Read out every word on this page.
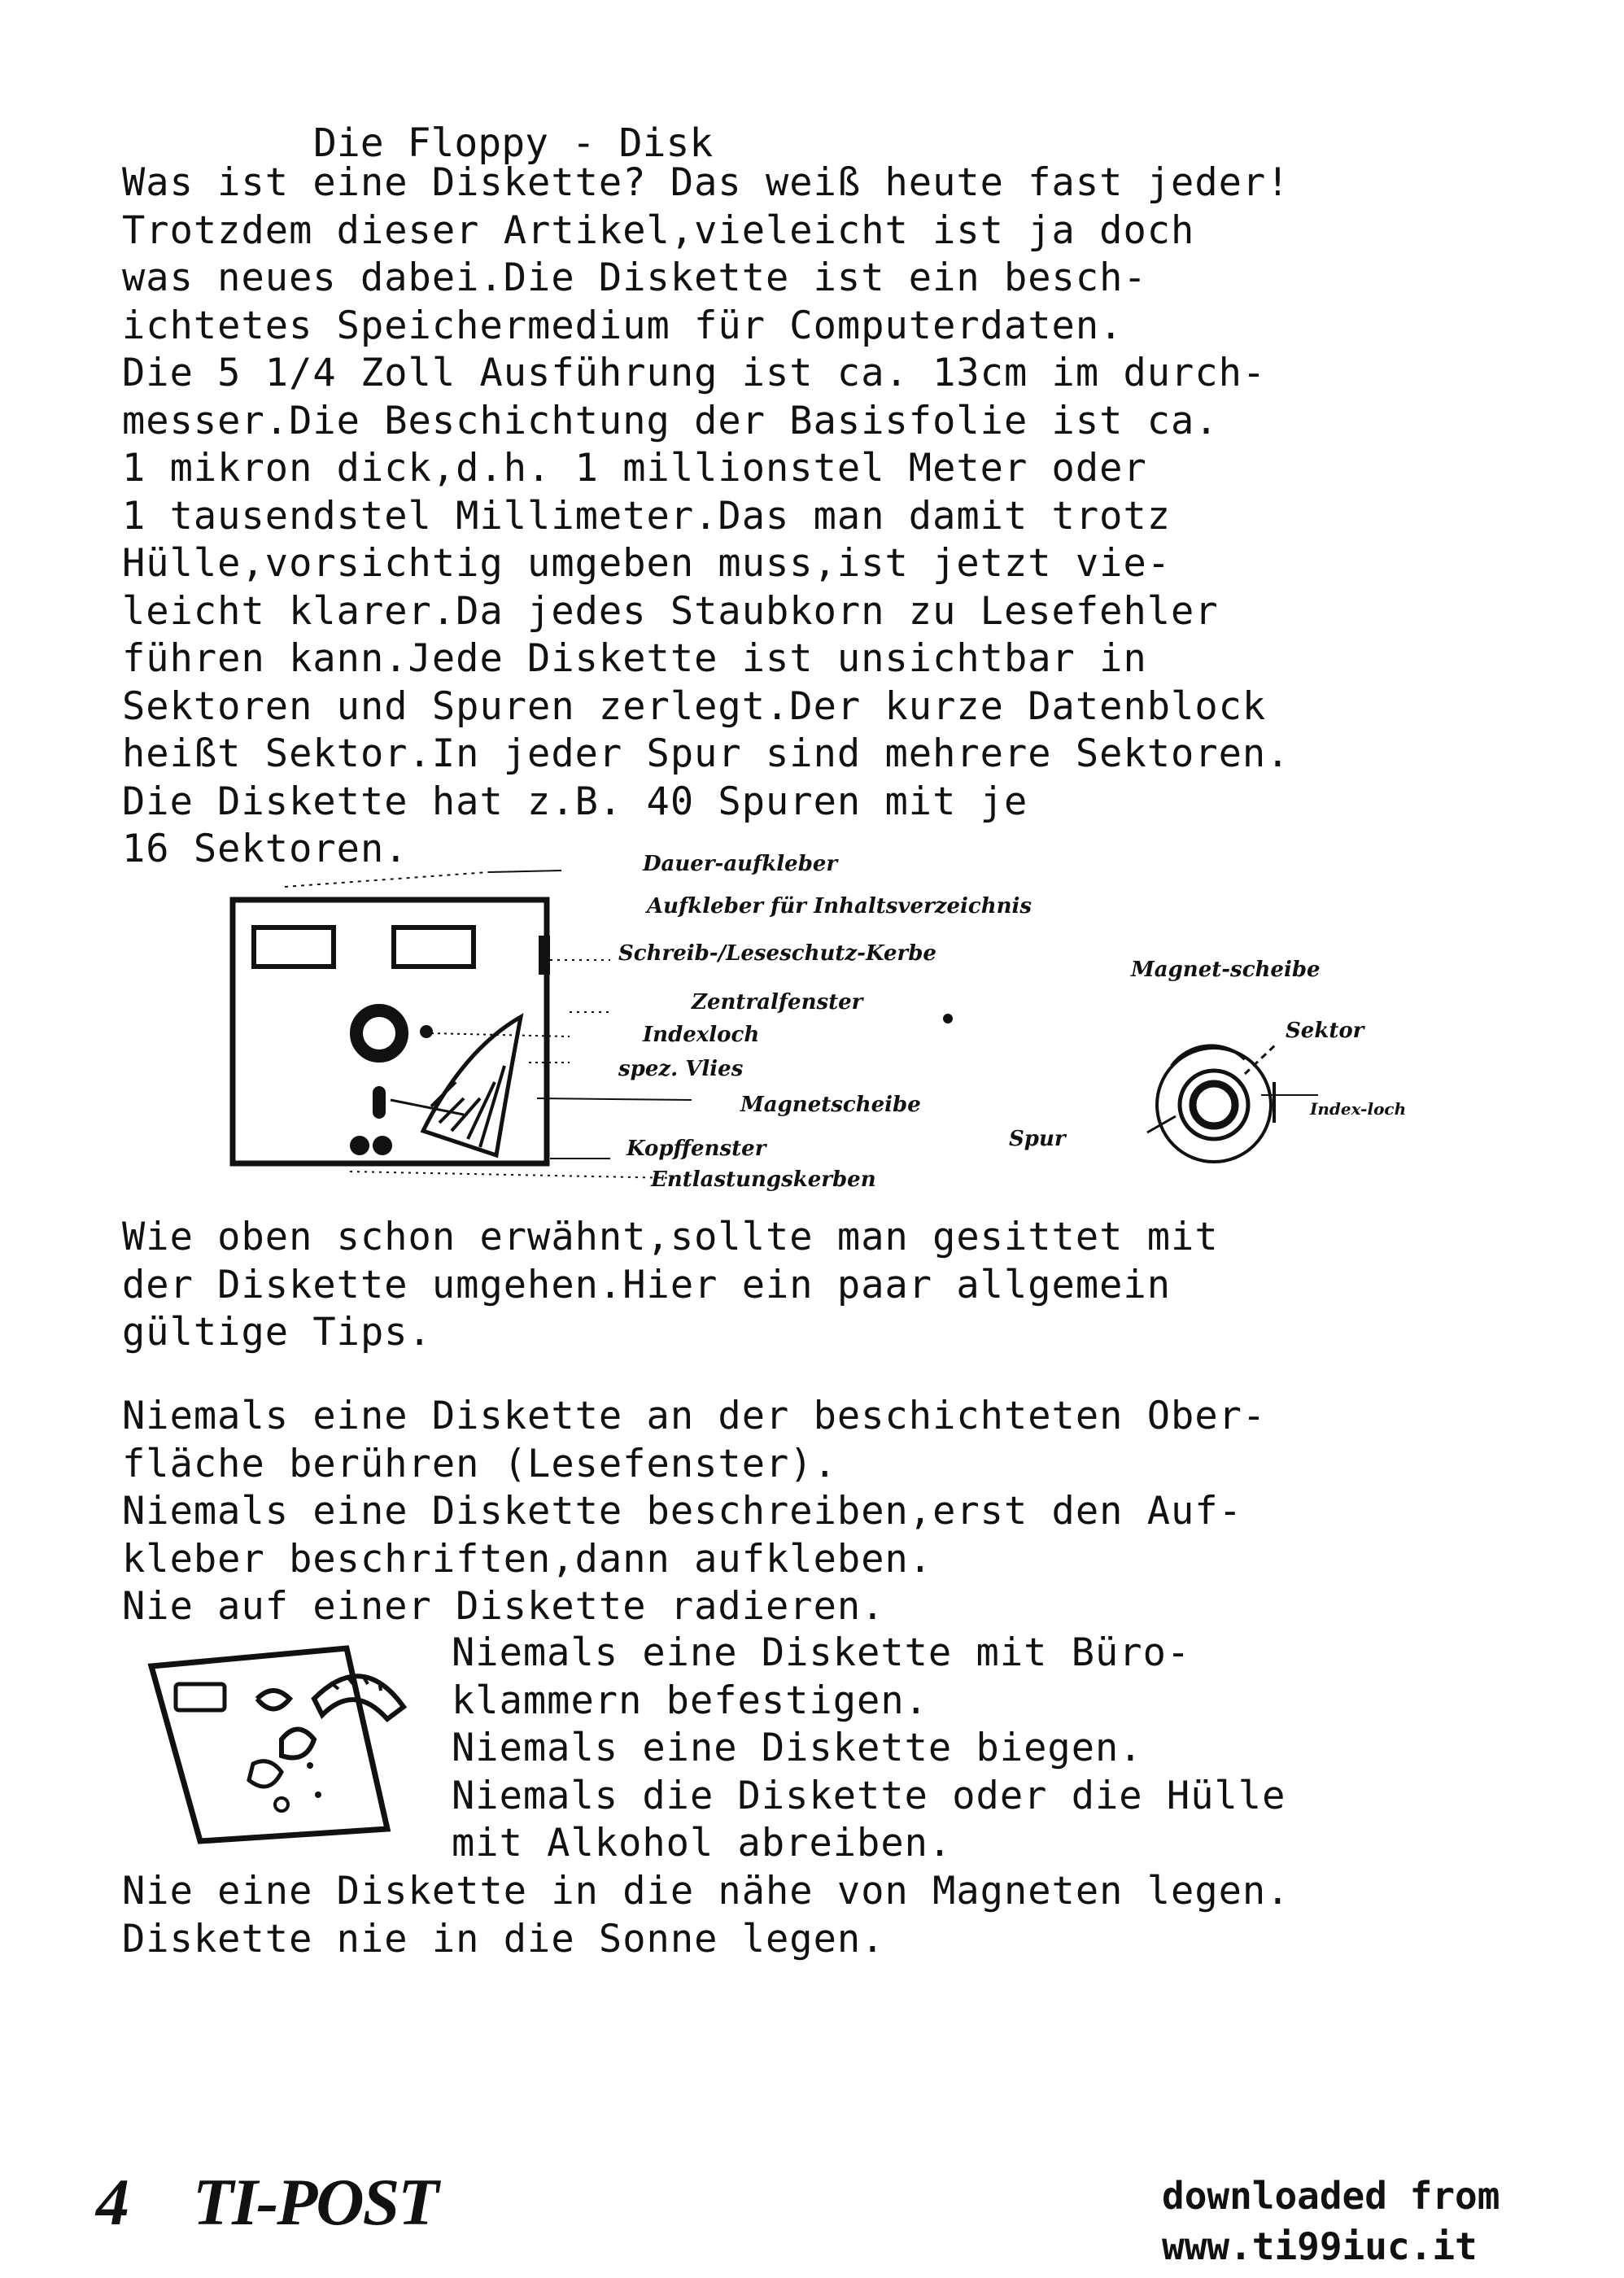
Die Floppy - Disk
Was ist eine Diskette? Das weiß heute fast jeder!
Trotzdem dieser Artikel,vieleicht ist ja doch
was neues dabei.Die Diskette ist ein besch-
ichtetes Speichermedium für Computerdaten.
Die 5 1/4 Zoll Ausführung ist ca. 13cm im durch-
messer.Die Beschichtung der Basisfolie ist ca.
1 mikron dick,d.h. 1 millionstel Meter oder
1 tausendstel Millimeter.Das man damit trotz
Hülle,vorsichtig umgeben muss,ist jetzt vie-
leicht klarer.Da jedes Staubkorn zu Lesefehler
führen kann.Jede Diskette ist unsichtbar in
Sektoren und Spuren zerlegt.Der kurze Datenblock
heißt Sektor.In jeder Spur sind mehrere Sektoren.
Die Diskette hat z.B. 40 Spuren mit je
16 Sektoren.	Dauer-aufkleber
Aufkleber für Inhaltsverzeichnis
Schreib-/Leseschutz-Kerbe
Zentralfenster
Indexloch
spez. Vlies
Magnetscheibe
Kopffenster
Entlastungskerben
Magnet-scheibe
Sektor
Spur
Index-loch
Wie oben schon erwähnt,sollte man gesittet mit
der Diskette umgehen.Hier ein paar allgemein
gültige Tips.
Niemals eine Diskette an der beschichteten Ober-
fläche berühren (Lesefenster).
Niemals eine Diskette beschreiben,erst den Auf-
kleber beschriften,dann aufkleben.
Nie auf einer Diskette radieren.
Niemals eine Diskette mit Büro-
klammern befestigen.
Niemals eine Diskette biegen.
Niemals die Diskette oder die Hülle
mit Alkohol abreiben.
Nie eine Diskette in die nähe von Magneten legen.
Diskette nie in die Sonne legen.
4 TI-POST	downloaded from
www.ti99iuc.it
